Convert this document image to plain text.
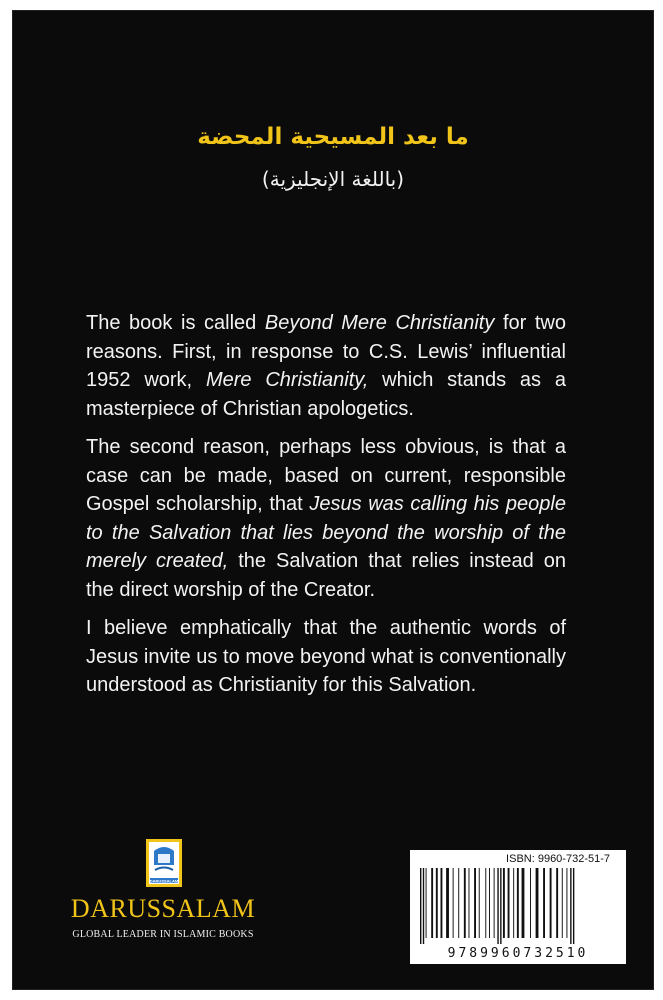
ما بعد المسيحية المحضة
(باللغة الإنجليزية)

The book is called Beyond Mere Christianity for two reasons. First, in response to C.S. Lewis’ influential 1952 work, Mere Christianity, which stands as a masterpiece of Christian apologetics.

The second reason, perhaps less obvious, is that a case can be made, based on current, responsible Gospel scholarship, that Jesus was calling his people to the Salvation that lies beyond the worship of the merely created, the Salvation that relies instead on the direct worship of the Creator.

I believe emphatically that the authentic words of Jesus invite us to move beyond what is conventionally understood as Christianity for this Salvation.

DARUSSALAM
DARUSSALAM
GLOBAL LEADER IN ISLAMIC BOOKS
ISBN: 9960-732-51-7
9789960732510
